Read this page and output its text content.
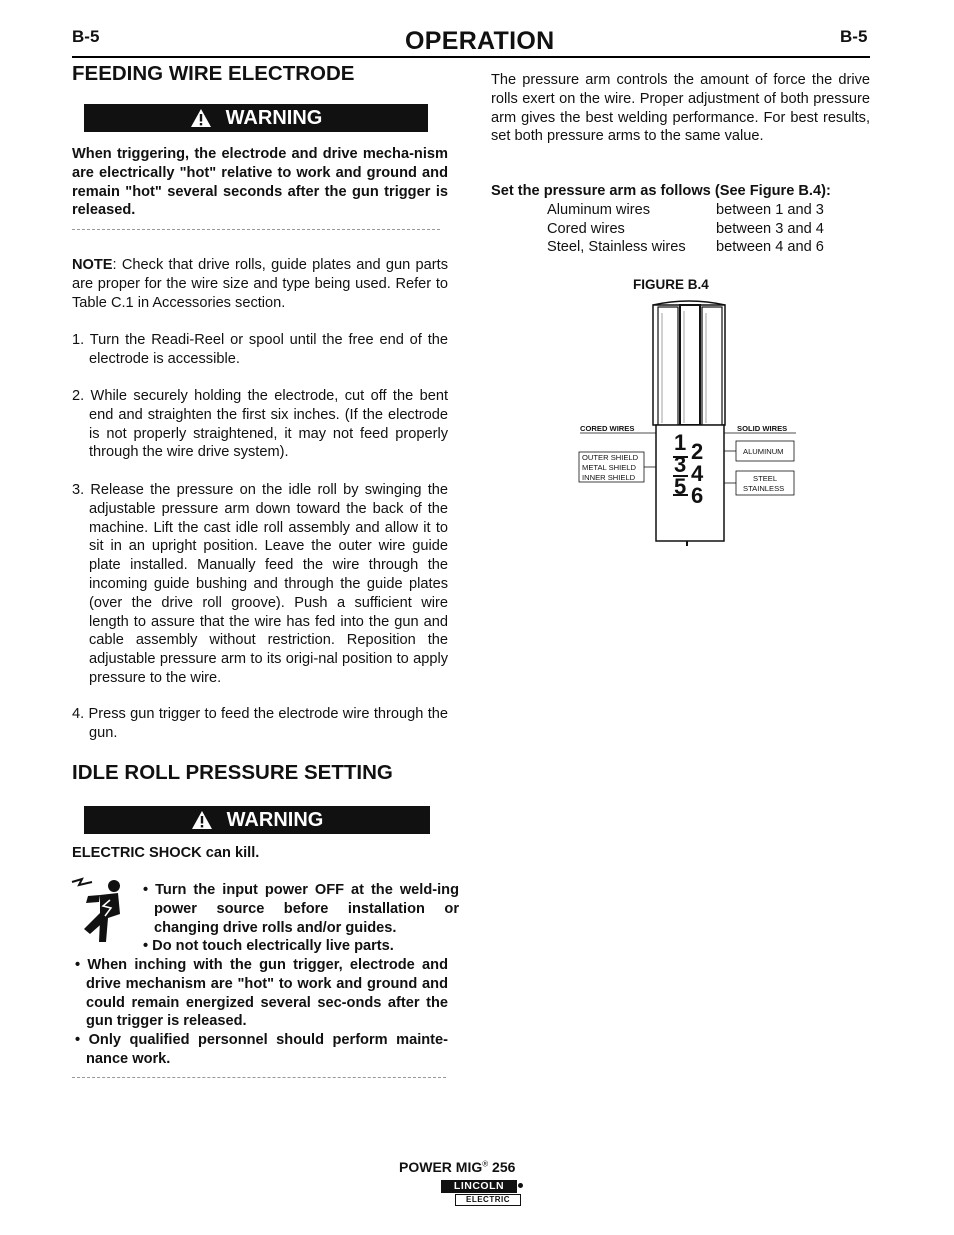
B-5	OPERATION	B-5
FEEDING WIRE ELECTRODE
WARNING
When triggering, the electrode and drive mecha-nism are electrically "hot" relative to work and ground and remain "hot" several seconds after the gun trigger is released.
NOTE: Check that drive rolls, guide plates and gun parts are proper for the wire size and type being used. Refer to Table C.1 in Accessories section.
1. Turn the Readi-Reel or spool until the free end of the electrode is accessible.
2. While securely holding the electrode, cut off the bent end and straighten the first six inches. (If the electrode is not properly straightened, it may not feed properly through the wire drive system).
3. Release the pressure on the idle roll by swinging the adjustable pressure arm down toward the back of the machine. Lift the cast idle roll assembly and allow it to sit in an upright position. Leave the outer wire guide plate installed. Manually feed the wire through the incoming guide bushing and through the guide plates (over the drive roll groove). Push a sufficient wire length to assure that the wire has fed into the gun and cable assembly without restriction. Reposition the adjustable pressure arm to its origi-nal position to apply pressure to the wire.
4. Press gun trigger to feed the electrode wire through the gun.
IDLE ROLL PRESSURE SETTING
WARNING
ELECTRIC SHOCK can kill.
• Turn the input power OFF at the weld-ing power source before installation or changing drive rolls and/or guides.
• Do not touch electrically live parts.
• When inching with the gun trigger, electrode and drive mechanism are "hot" to work and ground and could remain energized several sec-onds after the gun trigger is released.
• Only qualified personnel should perform mainte-nance work.
The pressure arm controls the amount of force the drive rolls exert on the wire. Proper adjustment of both pressure arm gives the best welding performance. For best results, set both pressure arms to the same value.
Set the pressure arm as follows (See Figure B.4):
Aluminum wires	between 1 and 3
Cored wires	between 3 and 4
Steel, Stainless wires between 4 and 6
FIGURE B.4
CORED WIRES	SOLID WIRES
OUTER SHIELD
METAL SHIELD
INNER SHIELD
ALUMINUM
STEEL
STAINLESS
1 2
3 4
5 6
POWER MIG® 256
LINCOLN
ELECTRIC
